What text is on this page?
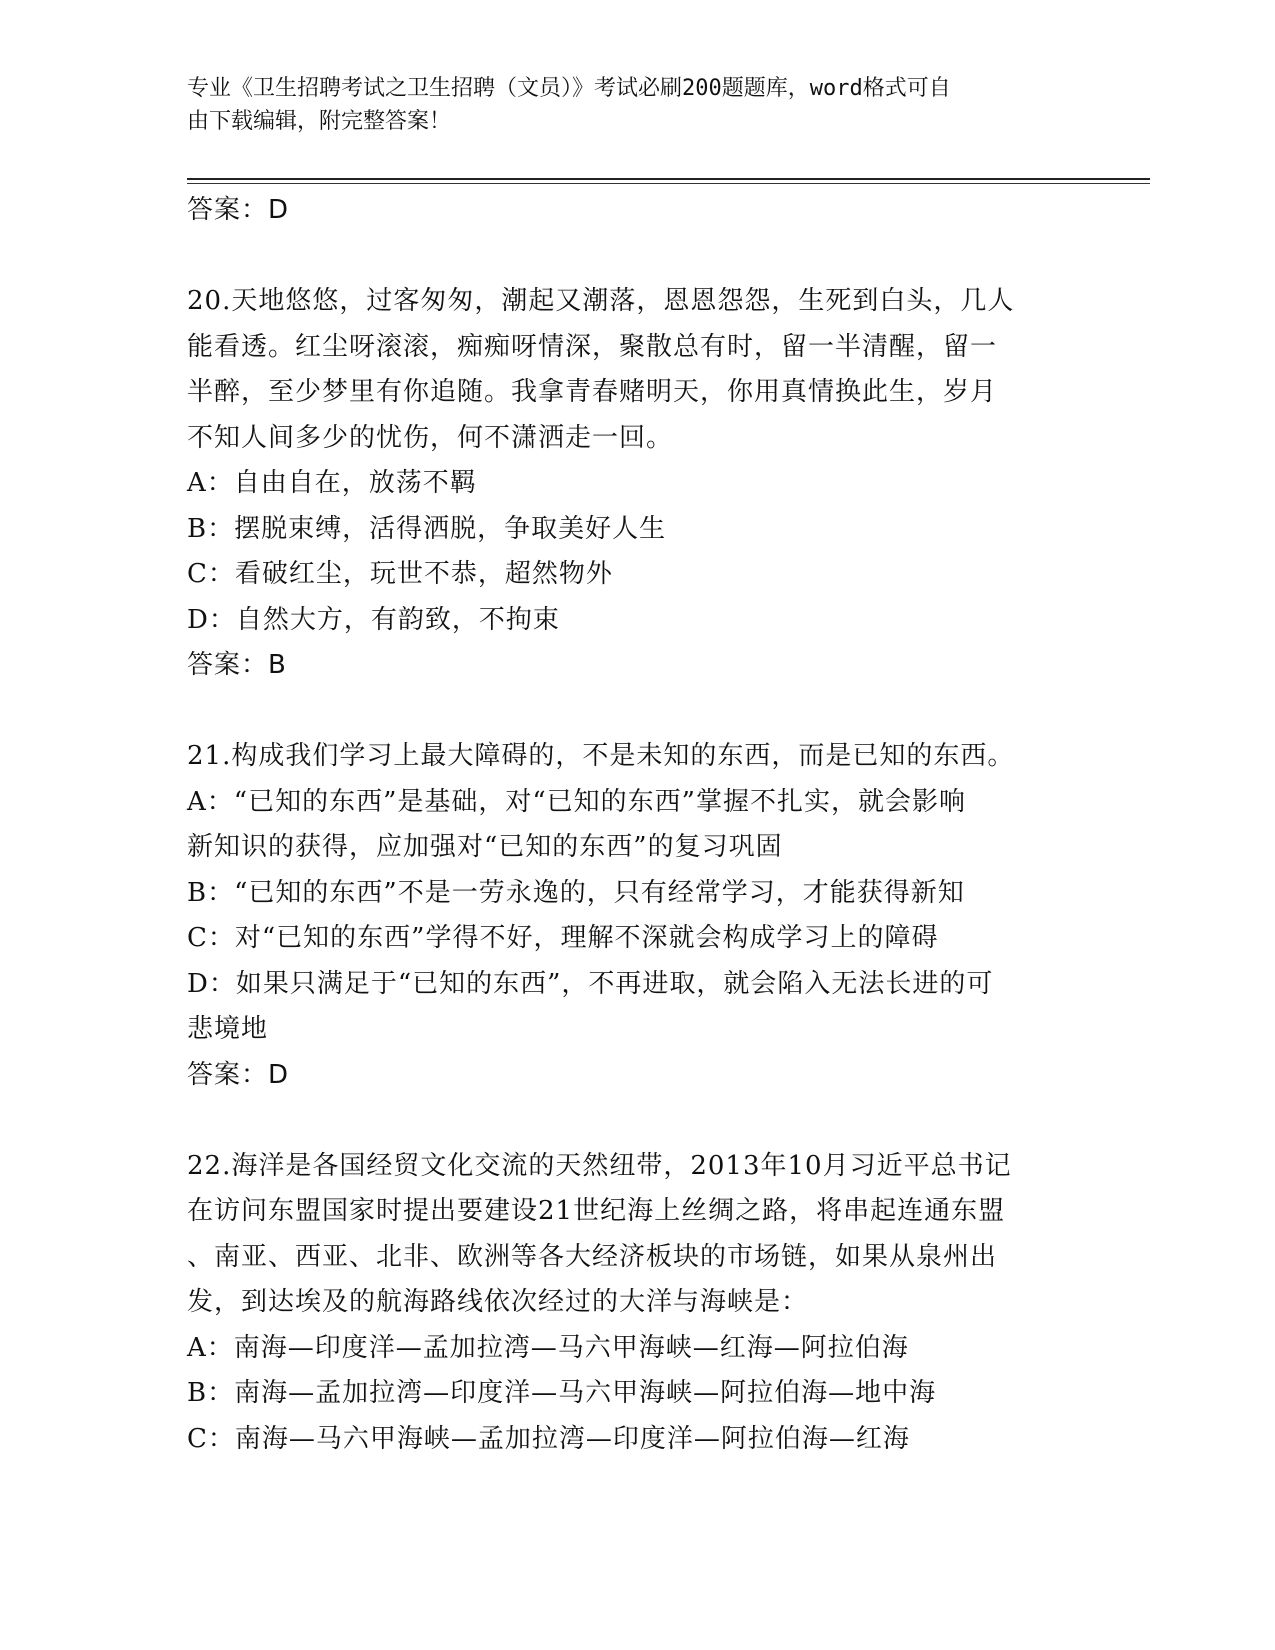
专业《卫生招聘考试之卫生招聘（文员）》考试必刷200题题库，word格式可自
由下载编辑，附完整答案！
答案：D
20.天地悠悠，过客匆匆，潮起又潮落，恩恩怨怨，生死到白头，几人
能看透。红尘呀滚滚，痴痴呀情深，聚散总有时，留一半清醒，留一
半醉，至少梦里有你追随。我拿青春赌明天，你用真情换此生，岁月
不知人间多少的忧伤，何不潇洒走一回。
A：自由自在，放荡不羁
B：摆脱束缚，活得洒脱，争取美好人生
C：看破红尘，玩世不恭，超然物外
D：自然大方，有韵致，不拘束
答案：B
21.构成我们学习上最大障碍的，不是未知的东西，而是已知的东西。
A：“已知的东西”是基础，对“已知的东西”掌握不扎实，就会影响
新知识的获得，应加强对“已知的东西”的复习巩固
B：“已知的东西”不是一劳永逸的，只有经常学习，才能获得新知
C：对“已知的东西”学得不好，理解不深就会构成学习上的障碍
D：如果只满足于“已知的东西”，不再进取，就会陷入无法长进的可
悲境地
答案：D
22.海洋是各国经贸文化交流的天然纽带，2013年10月习近平总书记
在访问东盟国家时提出要建设21世纪海上丝绸之路，将串起连通东盟
、南亚、西亚、北非、欧洲等各大经济板块的市场链，如果从泉州出
发，到达埃及的航海路线依次经过的大洋与海峡是：
A：南海—印度洋—孟加拉湾—马六甲海峡—红海—阿拉伯海
B：南海—孟加拉湾—印度洋—马六甲海峡—阿拉伯海—地中海
C：南海—马六甲海峡—孟加拉湾—印度洋—阿拉伯海—红海
